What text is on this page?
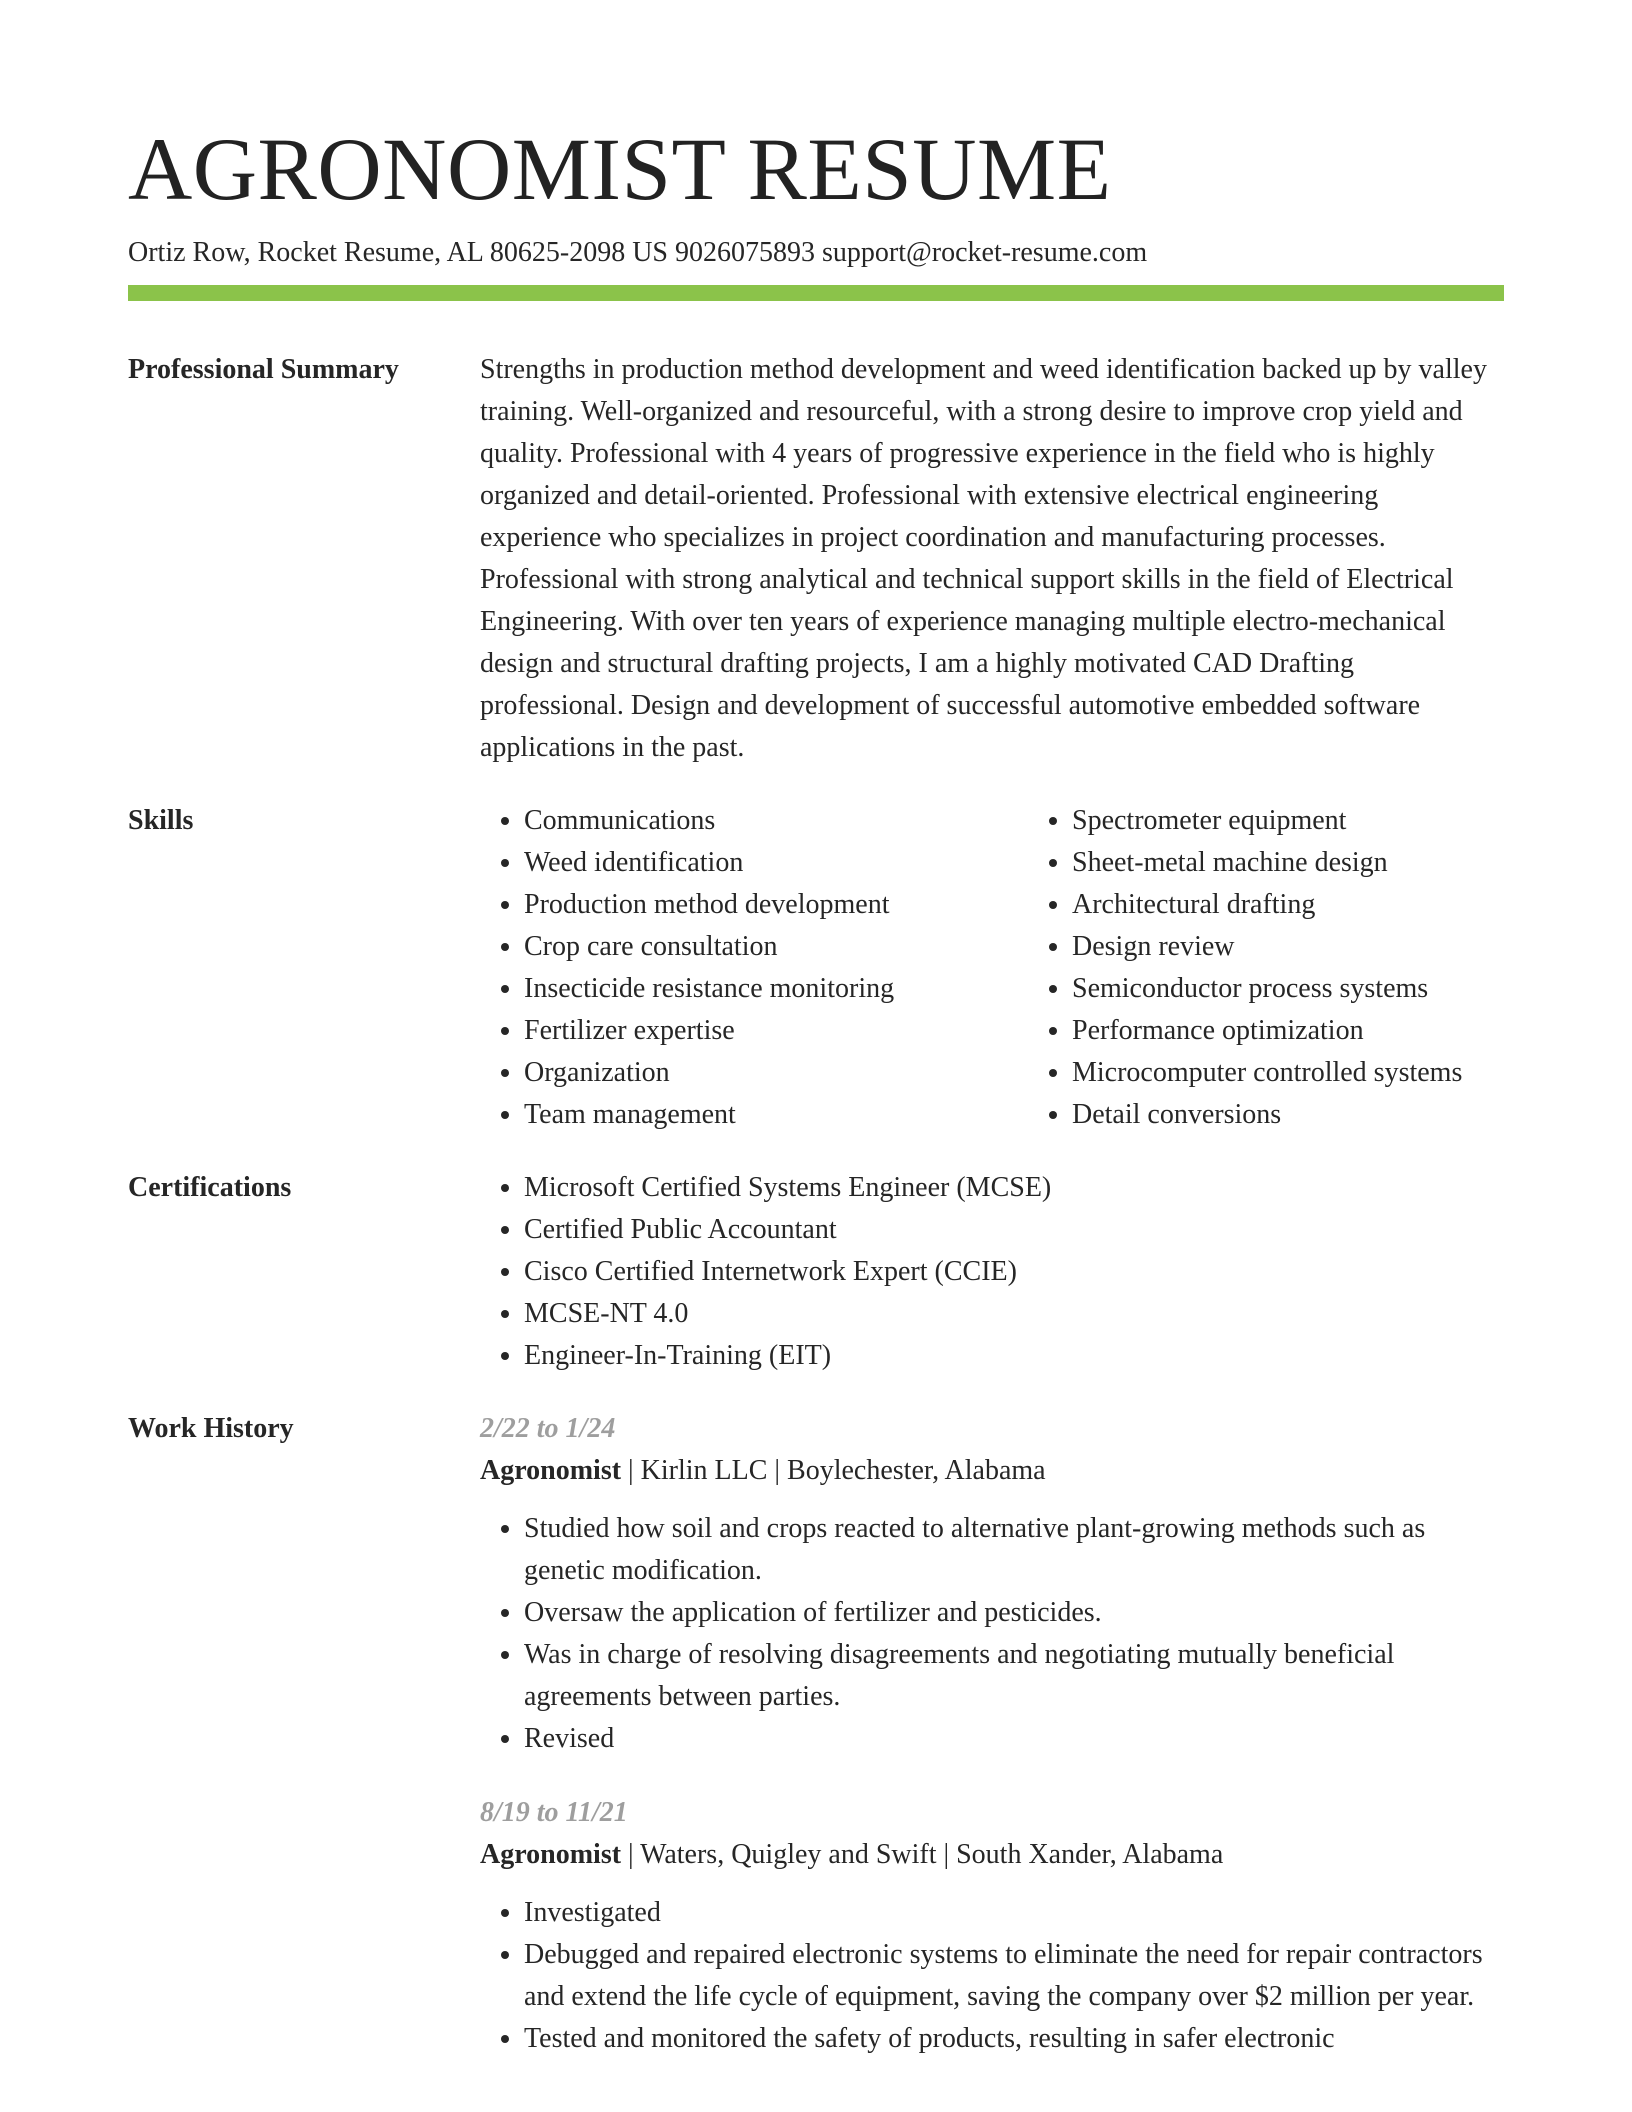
AGRONOMIST RESUME
Ortiz Row, Rocket Resume, AL 80625-2098 US 9026075893 support@rocket-resume.com
Professional Summary	Strengths in production method development and weed identification backed up by valley training. Well-organized and resourceful, with a strong desire to improve crop yield and quality. Professional with 4 years of progressive experience in the field who is highly organized and detail-oriented. Professional with extensive electrical engineering experience who specializes in project coordination and manufacturing processes. Professional with strong analytical and technical support skills in the field of Electrical Engineering. With over ten years of experience managing multiple electro-mechanical design and structural drafting projects, I am a highly motivated CAD Drafting professional. Design and development of successful automotive embedded software applications in the past.

Skills	• Communications
• Weed identification
• Production method development
• Crop care consultation
• Insecticide resistance monitoring
• Fertilizer expertise
• Organization
• Team management
• Spectrometer equipment
• Sheet-metal machine design
• Architectural drafting
• Design review
• Semiconductor process systems
• Performance optimization
• Microcomputer controlled systems
• Detail conversions
Certifications	• Microsoft Certified Systems Engineer (MCSE)
• Certified Public Accountant
• Cisco Certified Internetwork Expert (CCIE)
• MCSE-NT 4.0
• Engineer-In-Training (EIT)
Work History	2/22 to 1/24
Agronomist | Kirlin LLC | Boylechester, Alabama
• Studied how soil and crops reacted to alternative plant-growing methods such as genetic modification.
• Oversaw the application of fertilizer and pesticides.
• Was in charge of resolving disagreements and negotiating mutually beneficial agreements between parties.
• Revised
8/19 to 11/21
Agronomist | Waters, Quigley and Swift | South Xander, Alabama
• Investigated
• Debugged and repaired electronic systems to eliminate the need for repair contractors and extend the life cycle of equipment, saving the company over $2 million per year.
• Tested and monitored the safety of products, resulting in safer electronic
